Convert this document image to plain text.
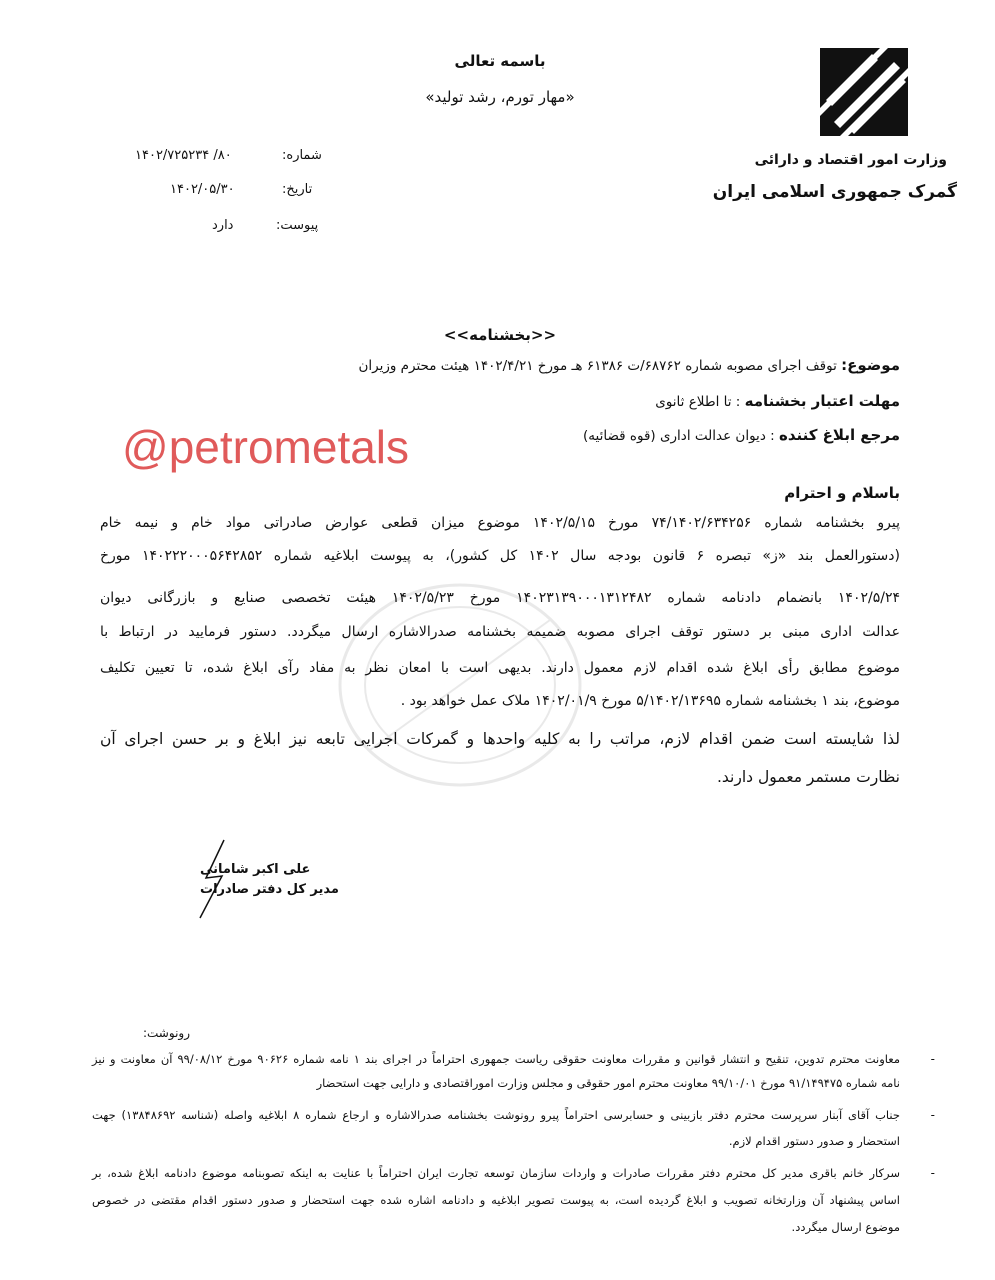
باسمه تعالی
«مهار تورم، رشد تولید»
وزارت امور اقتصاد و دارائی
گمرک جمهوری اسلامی ایران
شماره:
۱۴۰۲/۷۲۵۲۳۴ /۸۰
تاریخ:
۱۴۰۲/۰۵/۳۰
پیوست:
دارد
<<بخشنامه>>
موضوع: توقف اجرای مصوبه شماره ۶۸۷۶۲/ت ۶۱۳۸۶ هـ مورخ ۱۴۰۲/۴/۲۱ هیئت محترم وزیران
مهلت اعتبار بخشنامه : تا اطلاع ثانوی
مرجع ابلاغ کننده : دیوان عدالت اداری (قوه قضائیه)
@petrometals
باسلام و احترام
پیرو بخشنامه شماره ۷۴/۱۴۰۲/۶۳۴۲۵۶ مورخ ۱۴۰۲/۵/۱۵ موضوع میزان قطعی عوارض صادراتی مواد خام و نیمه خام
(دستورالعمل بند «ز» تبصره ۶ قانون بودجه سال ۱۴۰۲ کل کشور)، به پیوست ابلاغیه شماره ۱۴۰۲۲۲۰۰۰۵۶۴۲۸۵۲ مورخ
۱۴۰۲/۵/۲۴ بانضمام دادنامه شماره ۱۴۰۲۳۱۳۹۰۰۰۱۳۱۲۴۸۲ مورخ ۱۴۰۲/۵/۲۳ هیئت تخصصی صنایع و بازرگانی دیوان
عدالت اداری مبنی بر دستور توقف اجرای مصوبه ضمیمه بخشنامه صدرالاشاره ارسال میگردد. دستور فرمایید در ارتباط با
موضوع مطابق رأی ابلاغ شده اقدام لازم معمول دارند. بدیهی است با امعان نظر به مفاد رآی ابلاغ شده، تا تعیین تکلیف
موضوع، بند ۱ بخشنامه شماره ۵/۱۴۰۲/۱۳۶۹۵ مورخ ۱۴۰۲/۰۱/۹ ملاک عمل خواهد بود .
لذا شایسته است ضمن اقدام لازم، مراتب را به کلیه واحدها و گمرکات اجرایی تابعه نیز ابلاغ و بر حسن اجرای آن
نظارت مستمر معمول دارند.
علی اکبر شامانی
مدیر کل دفتر صادرات
رونوشت:
-
معاونت محترم تدوین، تنقیح و انتشار قوانین و مقررات معاونت حقوقی ریاست جمهوری احتراماً در اجرای بند ۱ نامه شماره ۹۰۶۲۶ مورخ ۹۹/۰۸/۱۲ آن معاونت و نیز
نامه شماره ۹۱/۱۴۹۴۷۵ مورخ ۹۹/۱۰/۰۱ معاونت محترم امور حقوقی و مجلس وزارت اموراقتصادی و دارایی جهت استحضار
-
جناب آقای آبنار سرپرست محترم دفتر بازبینی و حسابرسی احتراماً پیرو رونوشت بخشنامه صدرالاشاره و ارجاع شماره ۸ ابلاغیه واصله (شناسه ۱۳۸۴۸۶۹۲) جهت
استحضار و صدور دستور اقدام لازم.
-
سرکار خانم باقری مدیر کل محترم دفتر مقررات صادرات و واردات سازمان توسعه تجارت ایران احتراماً با عنایت به اینکه تصوبنامه موضوع دادنامه ابلاغ شده، بر
اساس پیشنهاد آن وزارتخانه تصویب و ابلاغ گردیده است، به پیوست تصویر ابلاغیه و دادنامه اشاره شده جهت استحضار و صدور دستور اقدام مقتضی در خصوص
موضوع ارسال میگردد.
